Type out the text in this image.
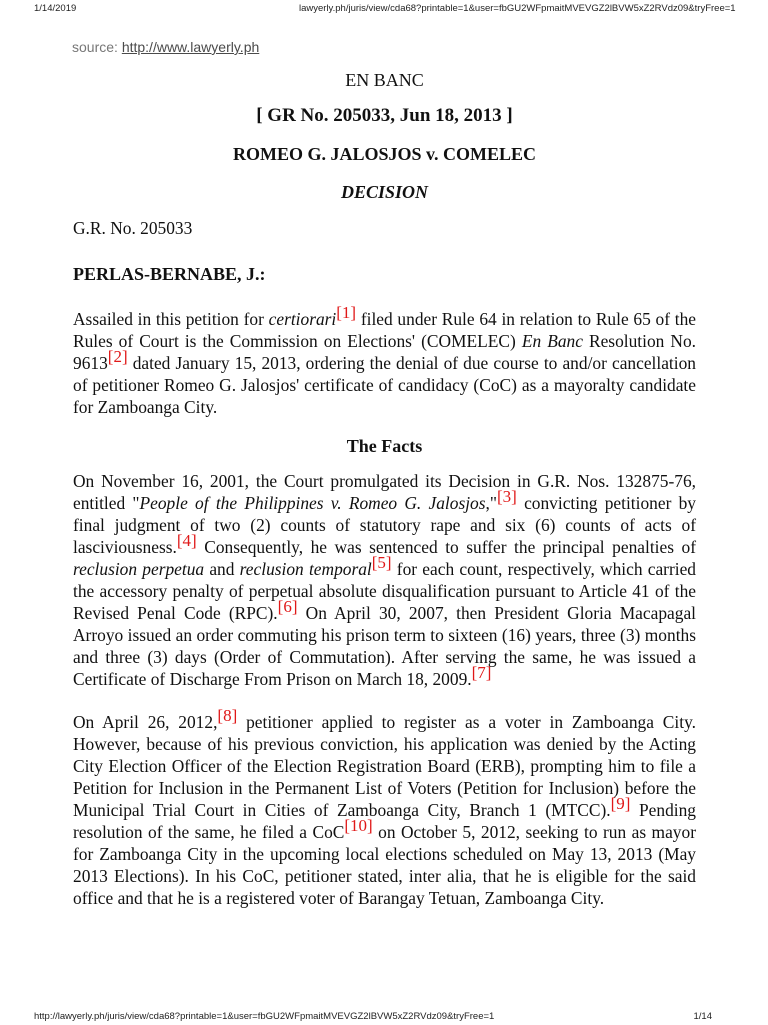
1/14/2019	lawyerly.ph/juris/view/cda68?printable=1&user=fbGU2WFpmaitMVEVGZ2lBVW5xZ2RVdz09&tryFree=1
source: http://www.lawyerly.ph
EN BANC
[ GR No. 205033, Jun 18, 2013 ]
ROMEO G. JALOSJOS v. COMELEC
DECISION
G.R. No. 205033
PERLAS-BERNABE, J.:

Assailed in this petition for certiorari[1] filed under Rule 64 in relation to Rule 65 of the Rules of Court is the Commission on Elections' (COMELEC) En Banc Resolution No. 9613[2] dated January 15, 2013, ordering the denial of due course to and/or cancellation of petitioner Romeo G. Jalosjos' certificate of candidacy (CoC) as a mayoralty candidate for Zamboanga City.

The Facts

On November 16, 2001, the Court promulgated its Decision in G.R. Nos. 132875-76, entitled "People of the Philippines v. Romeo G. Jalosjos,"[3] convicting petitioner by final judgment of two (2) counts of statutory rape and six (6) counts of acts of lasciviousness.[4] Consequently, he was sentenced to suffer the principal penalties of reclusion perpetua and reclusion temporal[5] for each count, respectively, which carried the accessory penalty of perpetual absolute disqualification pursuant to Article 41 of the Revised Penal Code (RPC).[6] On April 30, 2007, then President Gloria Macapagal Arroyo issued an order commuting his prison term to sixteen (16) years, three (3) months and three (3) days (Order of Commutation). After serving the same, he was issued a Certificate of Discharge From Prison on March 18, 2009.[7]

On April 26, 2012,[8] petitioner applied to register as a voter in Zamboanga City. However, because of his previous conviction, his application was denied by the Acting City Election Officer of the Election Registration Board (ERB), prompting him to file a Petition for Inclusion in the Permanent List of Voters (Petition for Inclusion) before the Municipal Trial Court in Cities of Zamboanga City, Branch 1 (MTCC).[9] Pending resolution of the same, he filed a CoC[10] on October 5, 2012, seeking to run as mayor for Zamboanga City in the upcoming local elections scheduled on May 13, 2013 (May 2013 Elections). In his CoC, petitioner stated, inter alia, that he is eligible for the said office and that he is a registered voter of Barangay Tetuan, Zamboanga City.

http://lawyerly.ph/juris/view/cda68?printable=1&user=fbGU2WFpmaitMVEVGZ2lBVW5xZ2RVdz09&tryFree=1	1/14
